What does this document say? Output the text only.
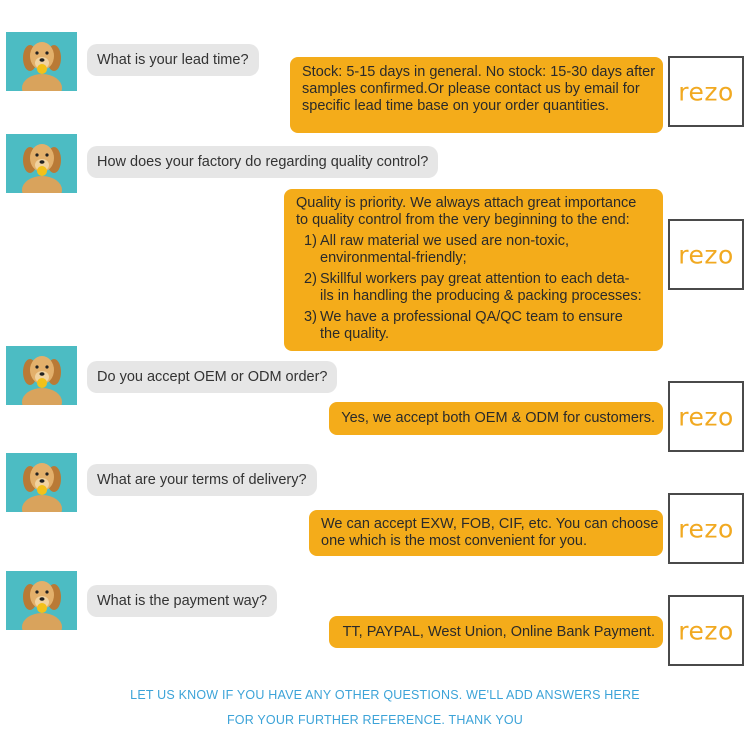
What is your lead time?
Stock: 5-15 days in general. No stock: 15-30 days after
samples confirmed.Or please contact us by email for
specific lead time base on your order quantities.	rezo
How does your factory do regarding quality control?
Quality is priority. We always attach great importance
to quality control from the very beginning to the end:
1) All raw material we used are non-toxic,
environmental-friendly;
2) Skillful workers pay great attention to each deta-
ils in handling the producing & packing processes:
3) We have a professional QA/QC team to ensure
the quality.
rezo
Do you accept OEM or ODM order?
Yes, we accept both OEM & ODM for customers. rezo
What are your terms of delivery?
We can accept EXW, FOB, CIF, etc. You can choose
one which is the most convenient for you.	rezo
What is the payment way?
TT, PAYPAL, West Union, Online Bank Payment. rezo
LET US KNOW IF YOU HAVE ANY OTHER QUESTIONS. WE'LL ADD ANSWERS HERE
FOR YOUR FURTHER REFERENCE. THANK YOU
